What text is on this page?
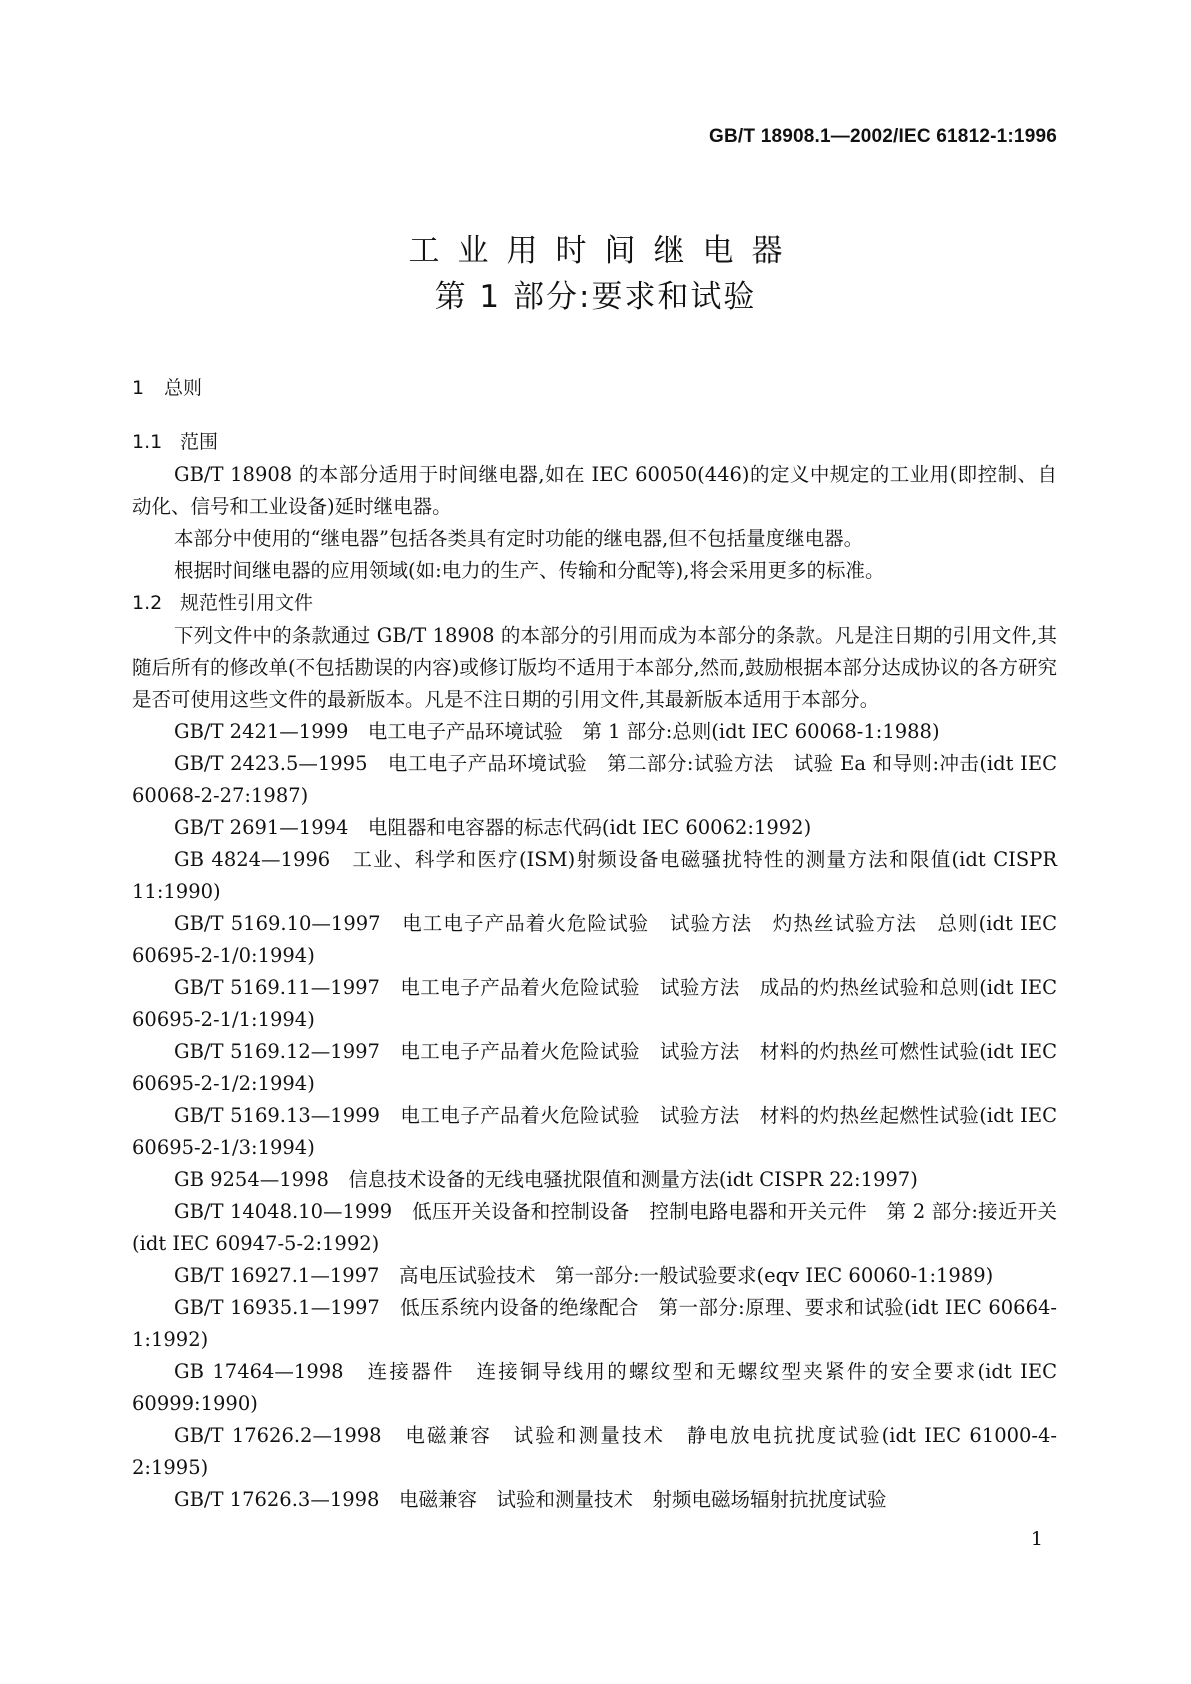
GB/T 18908.1—2002/IEC 61812-1:1996
工业用时间继电器
第 1 部分:要求和试验
1 总则
1.1 范围

GB/T 18908 的本部分适用于时间继电器,如在 IEC 60050(446)的定义中规定的工业用(即控制、自动化、信号和工业设备)延时继电器。

本部分中使用的“继电器”包括各类具有定时功能的继电器,但不包括量度继电器。

根据时间继电器的应用领域(如:电力的生产、传输和分配等),将会采用更多的标准。

1.2 规范性引用文件

下列文件中的条款通过 GB/T 18908 的本部分的引用而成为本部分的条款。凡是注日期的引用文件,其随后所有的修改单(不包括勘误的内容)或修订版均不适用于本部分,然而,鼓励根据本部分达成协议的各方研究是否可使用这些文件的最新版本。凡是不注日期的引用文件,其最新版本适用于本部分。

GB/T 2421—1999　电工电子产品环境试验　第 1 部分:总则(idt IEC 60068-1:1988)

GB/T 2423.5—1995　电工电子产品环境试验　第二部分:试验方法　试验 Ea 和导则:冲击(idt IEC 60068-2-27:1987)

GB/T 2691—1994　电阻器和电容器的标志代码(idt IEC 60062:1992)

GB 4824—1996　工业、科学和医疗(ISM)射频设备电磁骚扰特性的测量方法和限值(idt CISPR 11:1990)

GB/T 5169.10—1997　电工电子产品着火危险试验　试验方法　灼热丝试验方法　总则(idt IEC 60695-2-1/0:1994)

GB/T 5169.11—1997　电工电子产品着火危险试验　试验方法　成品的灼热丝试验和总则(idt IEC 60695-2-1/1:1994)

GB/T 5169.12—1997　电工电子产品着火危险试验　试验方法　材料的灼热丝可燃性试验(idt IEC 60695-2-1/2:1994)

GB/T 5169.13—1999　电工电子产品着火危险试验　试验方法　材料的灼热丝起燃性试验(idt IEC 60695-2-1/3:1994)

GB 9254—1998　信息技术设备的无线电骚扰限值和测量方法(idt CISPR 22:1997)

GB/T 14048.10—1999　低压开关设备和控制设备　控制电路电器和开关元件　第 2 部分:接近开关(idt IEC 60947-5-2:1992)

GB/T 16927.1—1997　高电压试验技术　第一部分:一般试验要求(eqv IEC 60060-1:1989)

GB/T 16935.1—1997　低压系统内设备的绝缘配合　第一部分:原理、要求和试验(idt IEC 60664-1:1992)

GB 17464—1998　连接器件　连接铜导线用的螺纹型和无螺纹型夹紧件的安全要求(idt IEC 60999:1990)

GB/T 17626.2—1998　电磁兼容　试验和测量技术　静电放电抗扰度试验(idt IEC 61000-4-2:1995)

GB/T 17626.3—1998　电磁兼容　试验和测量技术　射频电磁场辐射抗扰度试验

1
